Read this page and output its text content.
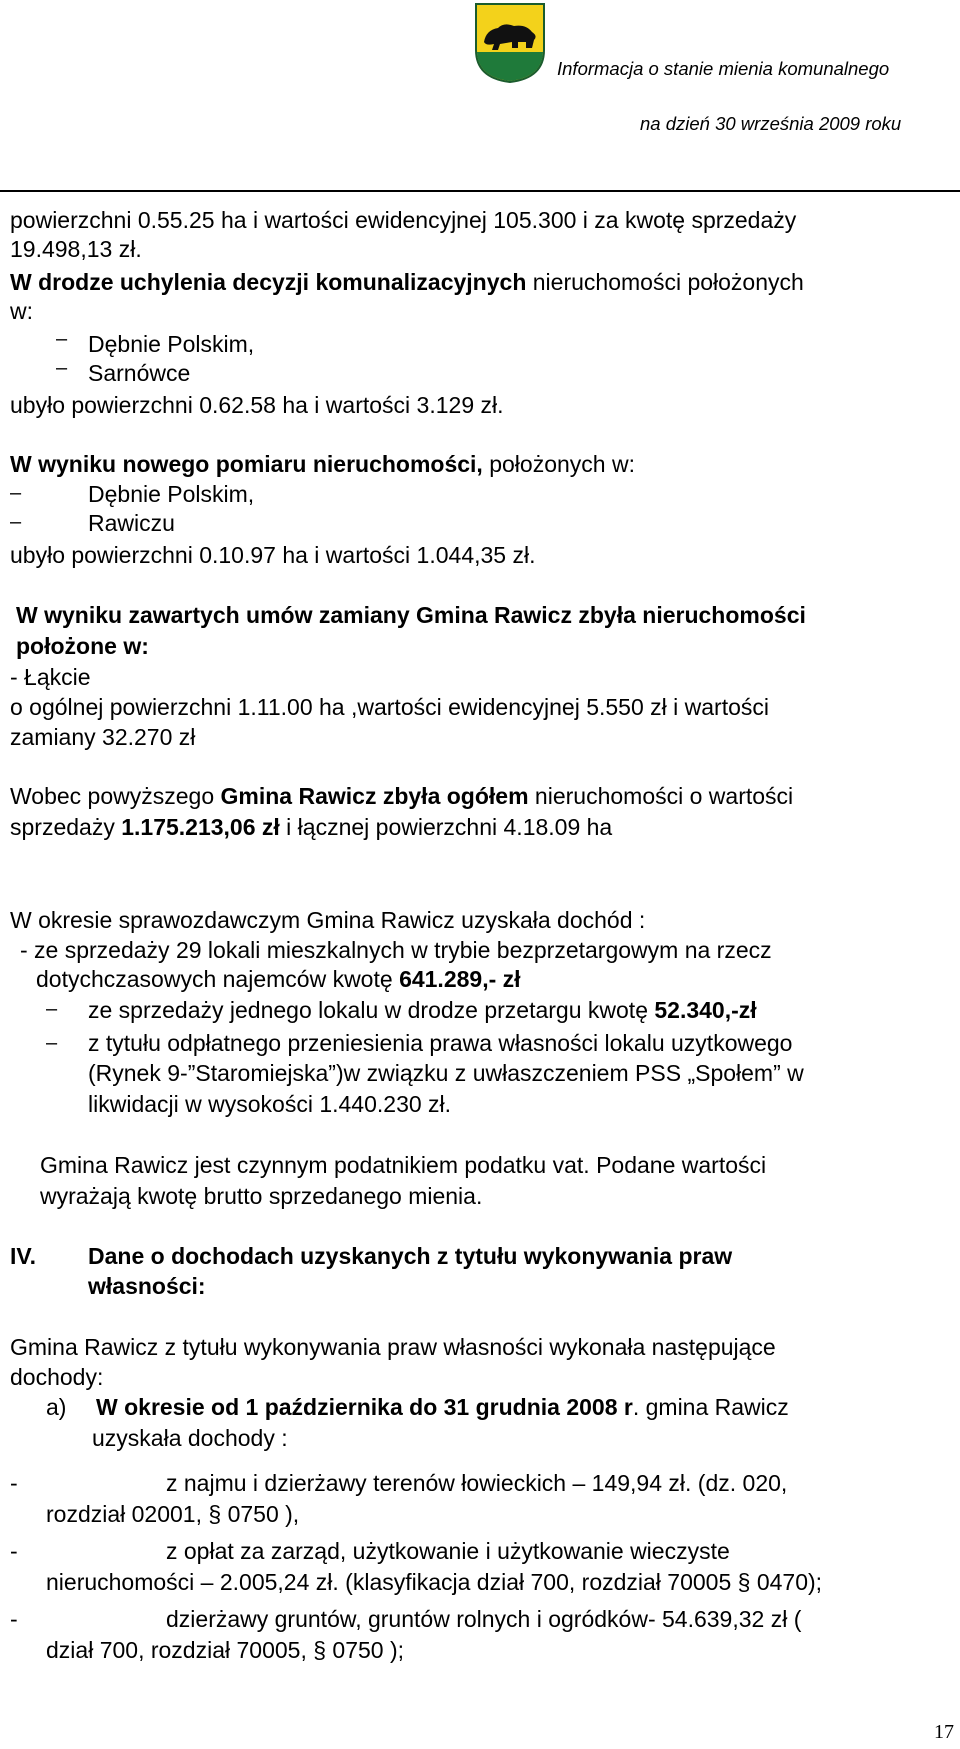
Informacja o stanie mienia komunalnego
na dzień 30 września 2009 roku
powierzchni 0.55.25 ha i wartości ewidencyjnej 105.300 i za kwotę sprzedaży
19.498,13 zł.
W drodze uchylenia decyzji komunalizacyjnych nieruchomości położonych
w:
– Dębnie Polskim,
– Sarnówce
ubyło powierzchni 0.62.58 ha i wartości 3.129 zł.
W wyniku nowego pomiaru nieruchomości, położonych w:
–	Dębnie Polskim,
–	Rawiczu
ubyło powierzchni 0.10.97 ha i wartości 1.044,35 zł.
W wyniku zawartych umów zamiany Gmina Rawicz zbyła nieruchomości
położone w:
- Łąkcie
o ogólnej powierzchni 1.11.00 ha ,wartości ewidencyjnej 5.550 zł i wartości
zamiany 32.270 zł
Wobec powyższego Gmina Rawicz zbyła ogółem nieruchomości o wartości
sprzedaży 1.175.213,06 zł i łącznej powierzchni 4.18.09 ha
W okresie sprawozdawczym Gmina Rawicz uzyskała dochód :
- ze sprzedaży 29 lokali mieszkalnych w trybie bezprzetargowym na rzecz
dotychczasowych najemców kwotę 641.289,- zł
– ze sprzedaży jednego lokalu w drodze przetargu kwotę 52.340,-zł
– z tytułu odpłatnego przeniesienia prawa własności lokalu uzytkowego
(Rynek 9-”Staromiejska”)w związku z uwłaszczeniem PSS „Społem” w
likwidacji w wysokości 1.440.230 zł.
Gmina Rawicz jest czynnym podatnikiem podatku vat. Podane wartości
wyrażają kwotę brutto sprzedanego mienia.
IV. Dane o dochodach uzyskanych z tytułu wykonywania praw
własności:
Gmina Rawicz z tytułu wykonywania praw własności wykonała następujące
dochody:
a) W okresie od 1 października do 31 grudnia 2008 r. gmina Rawicz
uzyskała dochody :
-	z najmu i dzierżawy terenów łowieckich – 149,94 zł. (dz. 020,
rozdział 02001, § 0750 ),
-	z opłat za zarząd, użytkowanie i użytkowanie wieczyste
nieruchomości – 2.005,24 zł. (klasyfikacja dział 700, rozdział 70005 § 0470);
-	dzierżawy gruntów, gruntów rolnych i ogródków- 54.639,32 zł (
dział 700, rozdział 70005, § 0750 );
17
